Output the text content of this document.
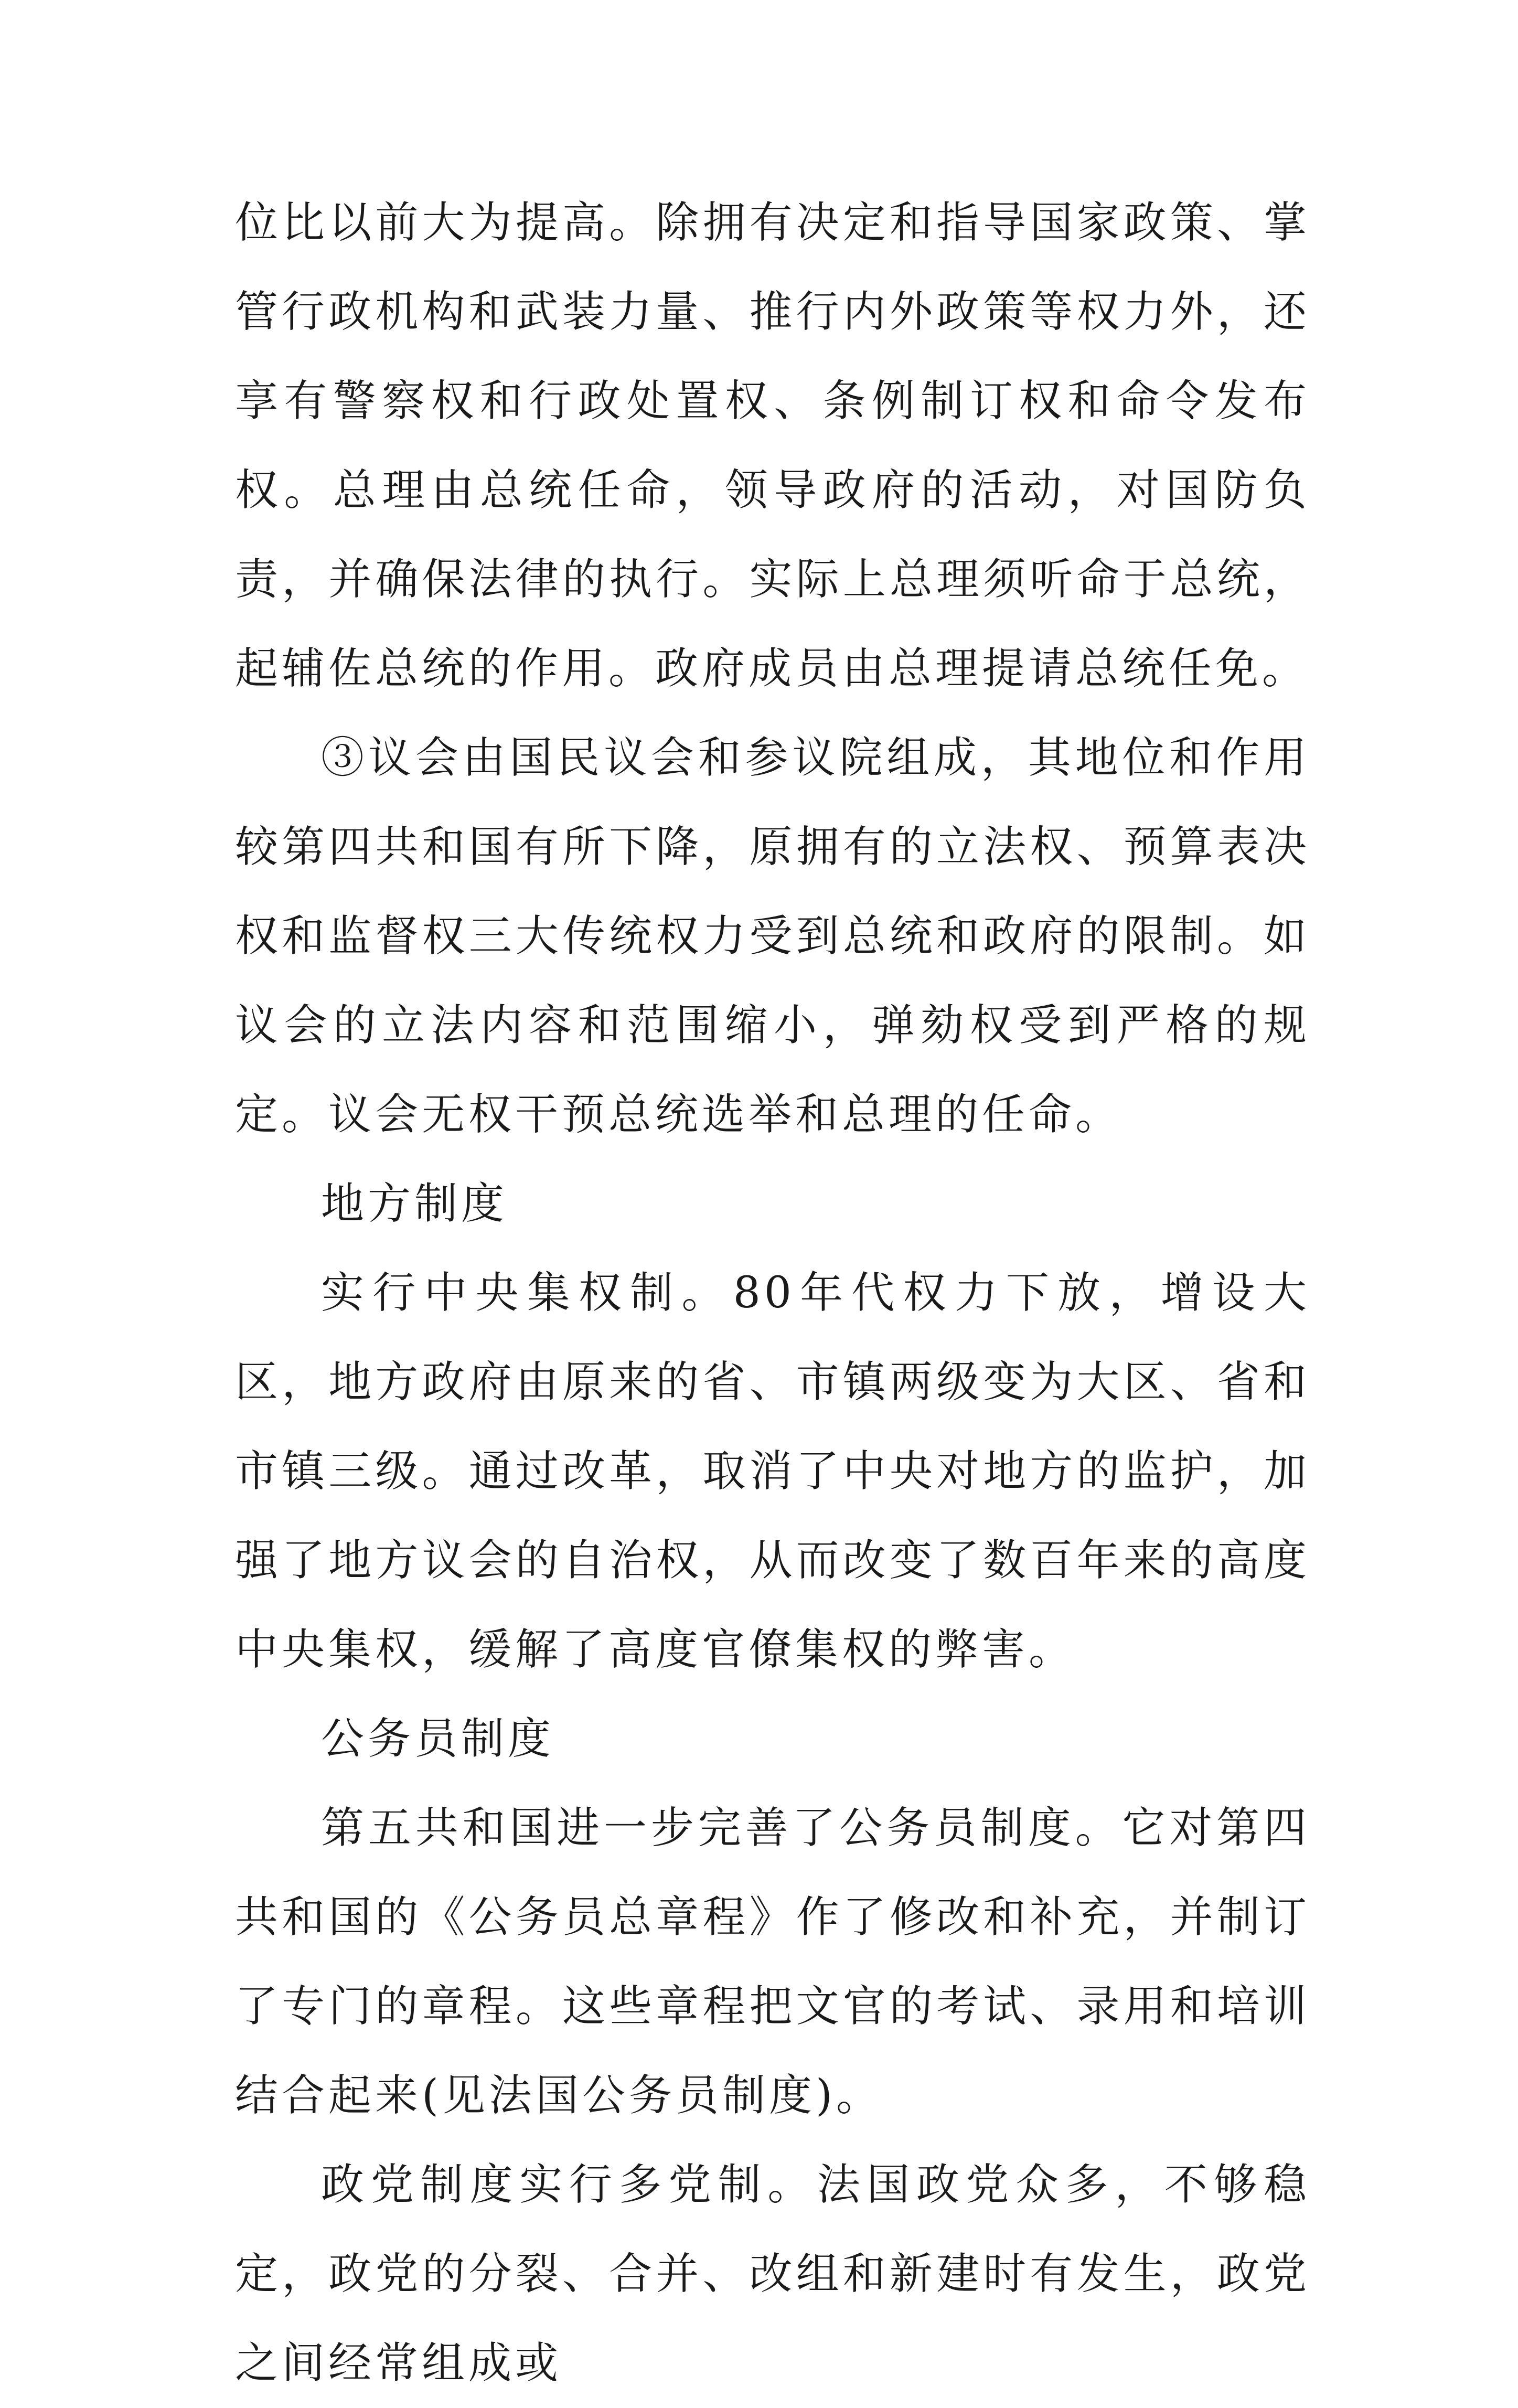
位比以前大为提高。除拥有决定和指导国家政策、掌管行政机构和武装力量、推行内外政策等权力外，还享有警察权和行政处置权、条例制订权和命令发布权。总理由总统任命，领导政府的活动，对国防负责，并确保法律的执行。实际上总理须听命于总统，起辅佐总统的作用。政府成员由总理提请总统任免。

③议会由国民议会和参议院组成，其地位和作用较第四共和国有所下降，原拥有的立法权、预算表决权和监督权三大传统权力受到总统和政府的限制。如议会的立法内容和范围缩小，弹劾权受到严格的规定。议会无权干预总统选举和总理的任命。

地方制度

实行中央集权制。80年代权力下放，增设大区，地方政府由原来的省、市镇两级变为大区、省和市镇三级。通过改革，取消了中央对地方的监护，加强了地方议会的自治权，从而改变了数百年来的高度中央集权，缓解了高度官僚集权的弊害。

公务员制度

第五共和国进一步完善了公务员制度。它对第四共和国的《公务员总章程》作了修改和补充，并制订了专门的章程。这些章程把文官的考试、录用和培训结合起来(见法国公务员制度)。

政党制度实行多党制。法国政党众多，不够稳定，政党的分裂、合并、改组和新建时有发生，政党之间经常组成或
